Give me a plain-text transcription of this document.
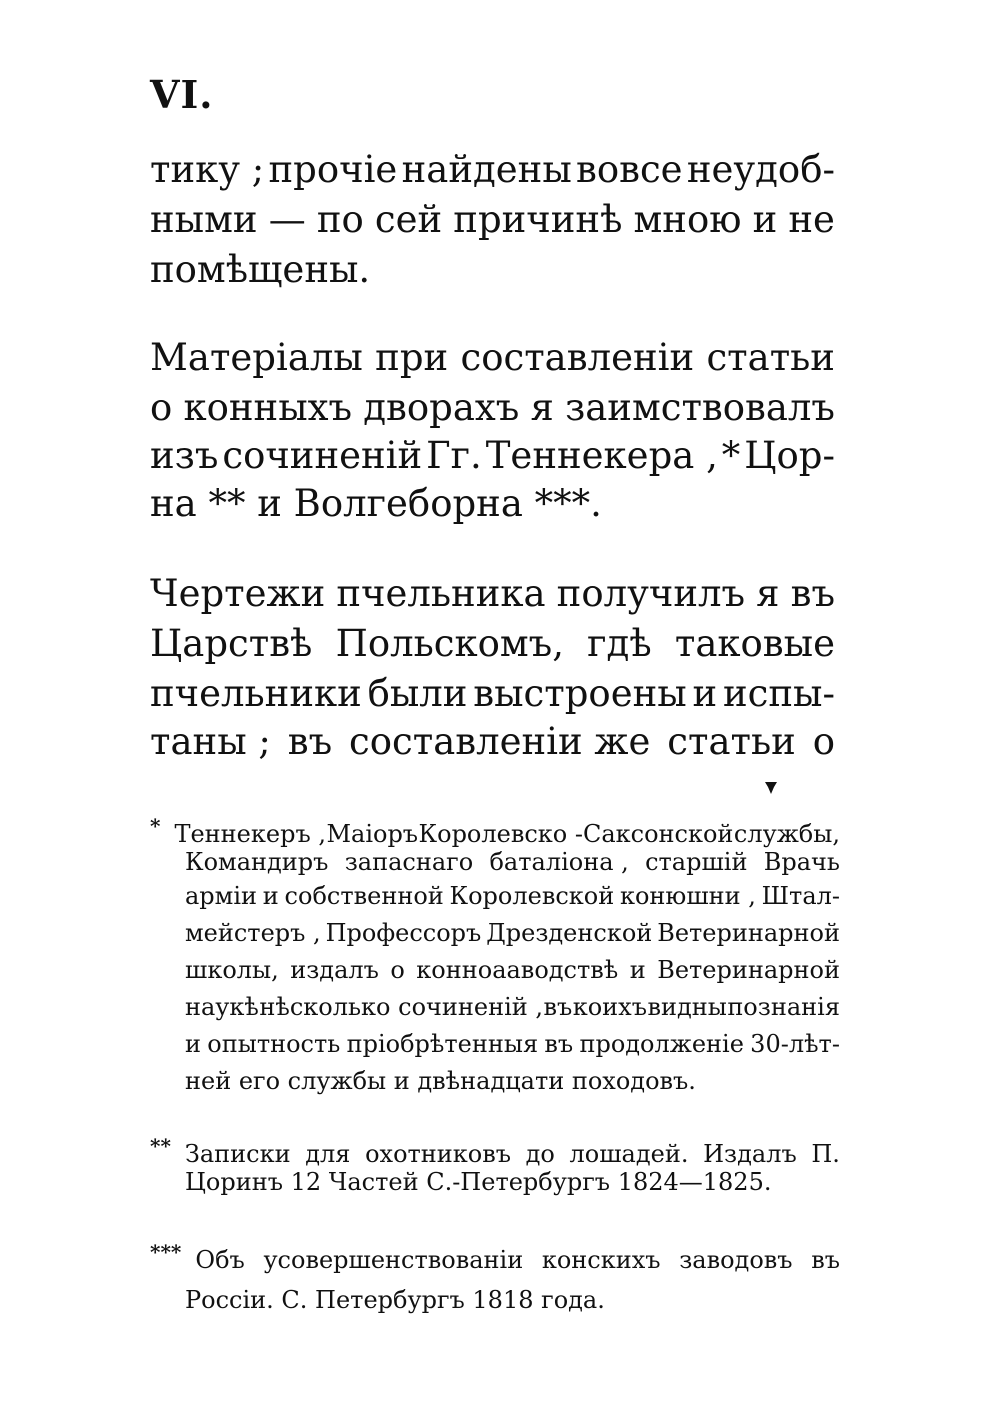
VI.
тику ; прочіе найдены вовсе неудоб-
ными — по сей причинѣ мною и не
помѣщены.
Матеріалы при составленіи статьи
о конныхъ дворахъ я заимствовалъ
изъ сочиненій Гг. Теннекера , * Цор-
на ** и Волгеборна ***.
Чертежи пчельника получилъ я въ
Царствѣ Польскомъ, гдѣ таковые
пчельники были выстроены и испы-
таны ; въ составленіи же статьи о
* Теннекеръ , Маіоръ Королевско -Саксонской службы,
Командиръ запаснаго баталіона , старшій Врачь
арміи и собственной Королевской конюшни , Штал-
мейстеръ , Профессоръ Дрезденской Ветеринарной
школы, издалъ о конноaаводствѣ и Ветеринарной
наукѣ нѣсколько сочиненій , въ коихъ видны познанія
и опытность пріобрѣтенныя въ продолженіе 30-лѣт-
ней его службы и двѣнадцати походовъ.
** Записки для охотниковъ до лошадей. Издалъ П.
Цоринъ 12 Частей С.-Петербургъ 1824—1825.
*** Объ усовершенствованіи конскихъ заводовъ въ
Россіи. С. Петербургъ 1818 года.
